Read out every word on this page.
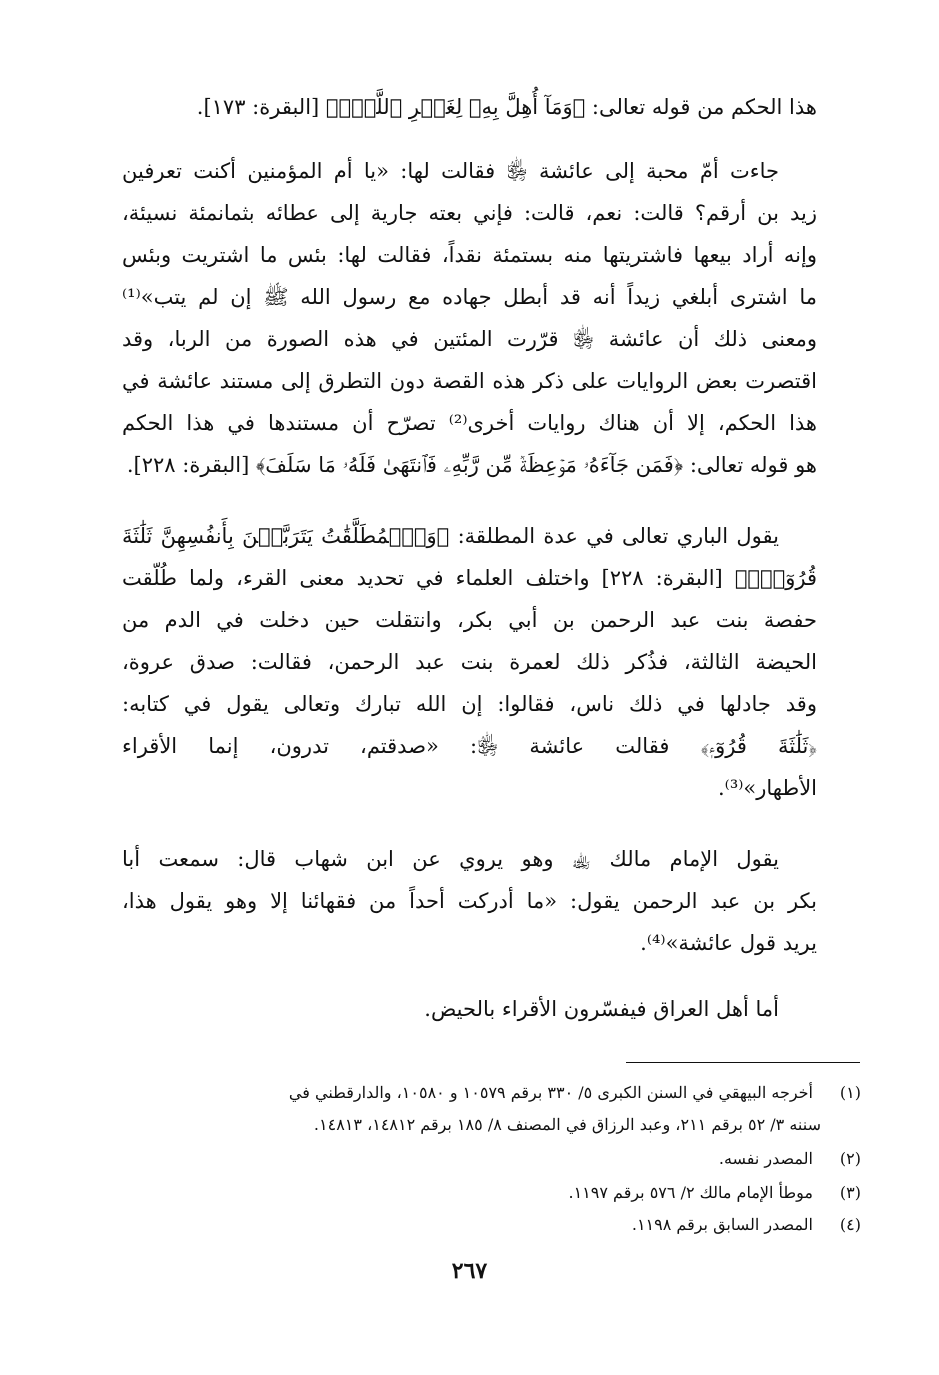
هذا الحكم من قوله تعالى: ﴿وَمَآ أُهِلَّ بِهِۦ لِغَيۡرِ ٱللَّهِۖ﴾ [البقرة: ١٧٣].
جاءت أمّ محبة إلى عائشة ﵂ فقالت لها: «يا أم المؤمنين أكنت تعرفين
زيد بن أرقم؟ قالت: نعم، قالت: فإني بعته جارية إلى عطائه بثمانمئة نسيئة،
وإنه أراد بيعها فاشتريتها منه بستمئة نقداً، فقالت لها: بئس ما اشتريت وبئس
ما اشترى أبلغي زيداً أنه قد أبطل جهاده مع رسول الله ﷺ إن لم يتب»⁽¹⁾
ومعنى ذلك أن عائشة ﵂ قرّرت المئتين في هذه الصورة من الربا، وقد
اقتصرت بعض الروايات على ذكر هذه القصة دون التطرق إلى مستند عائشة في
هذا الحكم، إلا أن هناك روايات أخرى⁽²⁾ تصرّح أن مستندها في هذا الحكم
هو قوله تعالى: ﴿فَمَن جَآءَهُۥ مَوۡعِظَةٞ مِّن رَّبِّهِۦ فَٱنتَهَىٰ فَلَهُۥ مَا سَلَفَ﴾ [البقرة: ٢٢٨].
يقول الباري تعالى في عدة المطلقة: ﴿وَٱلۡمُطَلَّقَٰتُ يَتَرَبَّصۡنَ بِأَنفُسِهِنَّ ثَلَٰثَةَ
قُرُوٓءٖۚ﴾ [البقرة: ٢٢٨] واختلف العلماء في تحديد معنى القرء، ولما طُلّقت
حفصة بنت عبد الرحمن بن أبي بكر، وانتقلت حين دخلت في الدم من
الحيضة الثالثة، فذُكر ذلك لعمرة بنت عبد الرحمن، فقالت: صدق عروة،
وقد جادلها في ذلك ناس، فقالوا: إن الله تبارك وتعالى يقول في كتابه:
﴿ثَلَٰثَةَ قُرُوٓءٖ﴾ فقالت عائشة ﵂: «صدقتم، تدرون، إنما الأقراء
الأطهار»⁽³⁾.
يقول الإمام مالك ﵀ وهو يروي عن ابن شهاب قال: سمعت أبا
بكر بن عبد الرحمن يقول: «ما أدركت أحداً من فقهائنا إلا وهو يقول هذا،
يريد قول عائشة»⁽⁴⁾.
أما أهل العراق فيفسّرون الأقراء بالحيض.
(١)أخرجه البيهقي في السنن الكبرى ٥/ ٣٣٠ برقم ١٠٥٧٩ و ١٠٥٨٠، والدارقطني في
سننه ٣/ ٥٢ برقم ٢١١، وعبد الرزاق في المصنف ٨/ ١٨٥ برقم ١٤٨١٢، ١٤٨١٣.
(٢)المصدر نفسه.
(٣)موطأ الإمام مالك ٢/ ٥٧٦ برقم ١١٩٧.
(٤)المصدر السابق برقم ١١٩٨.
٢٦٧
